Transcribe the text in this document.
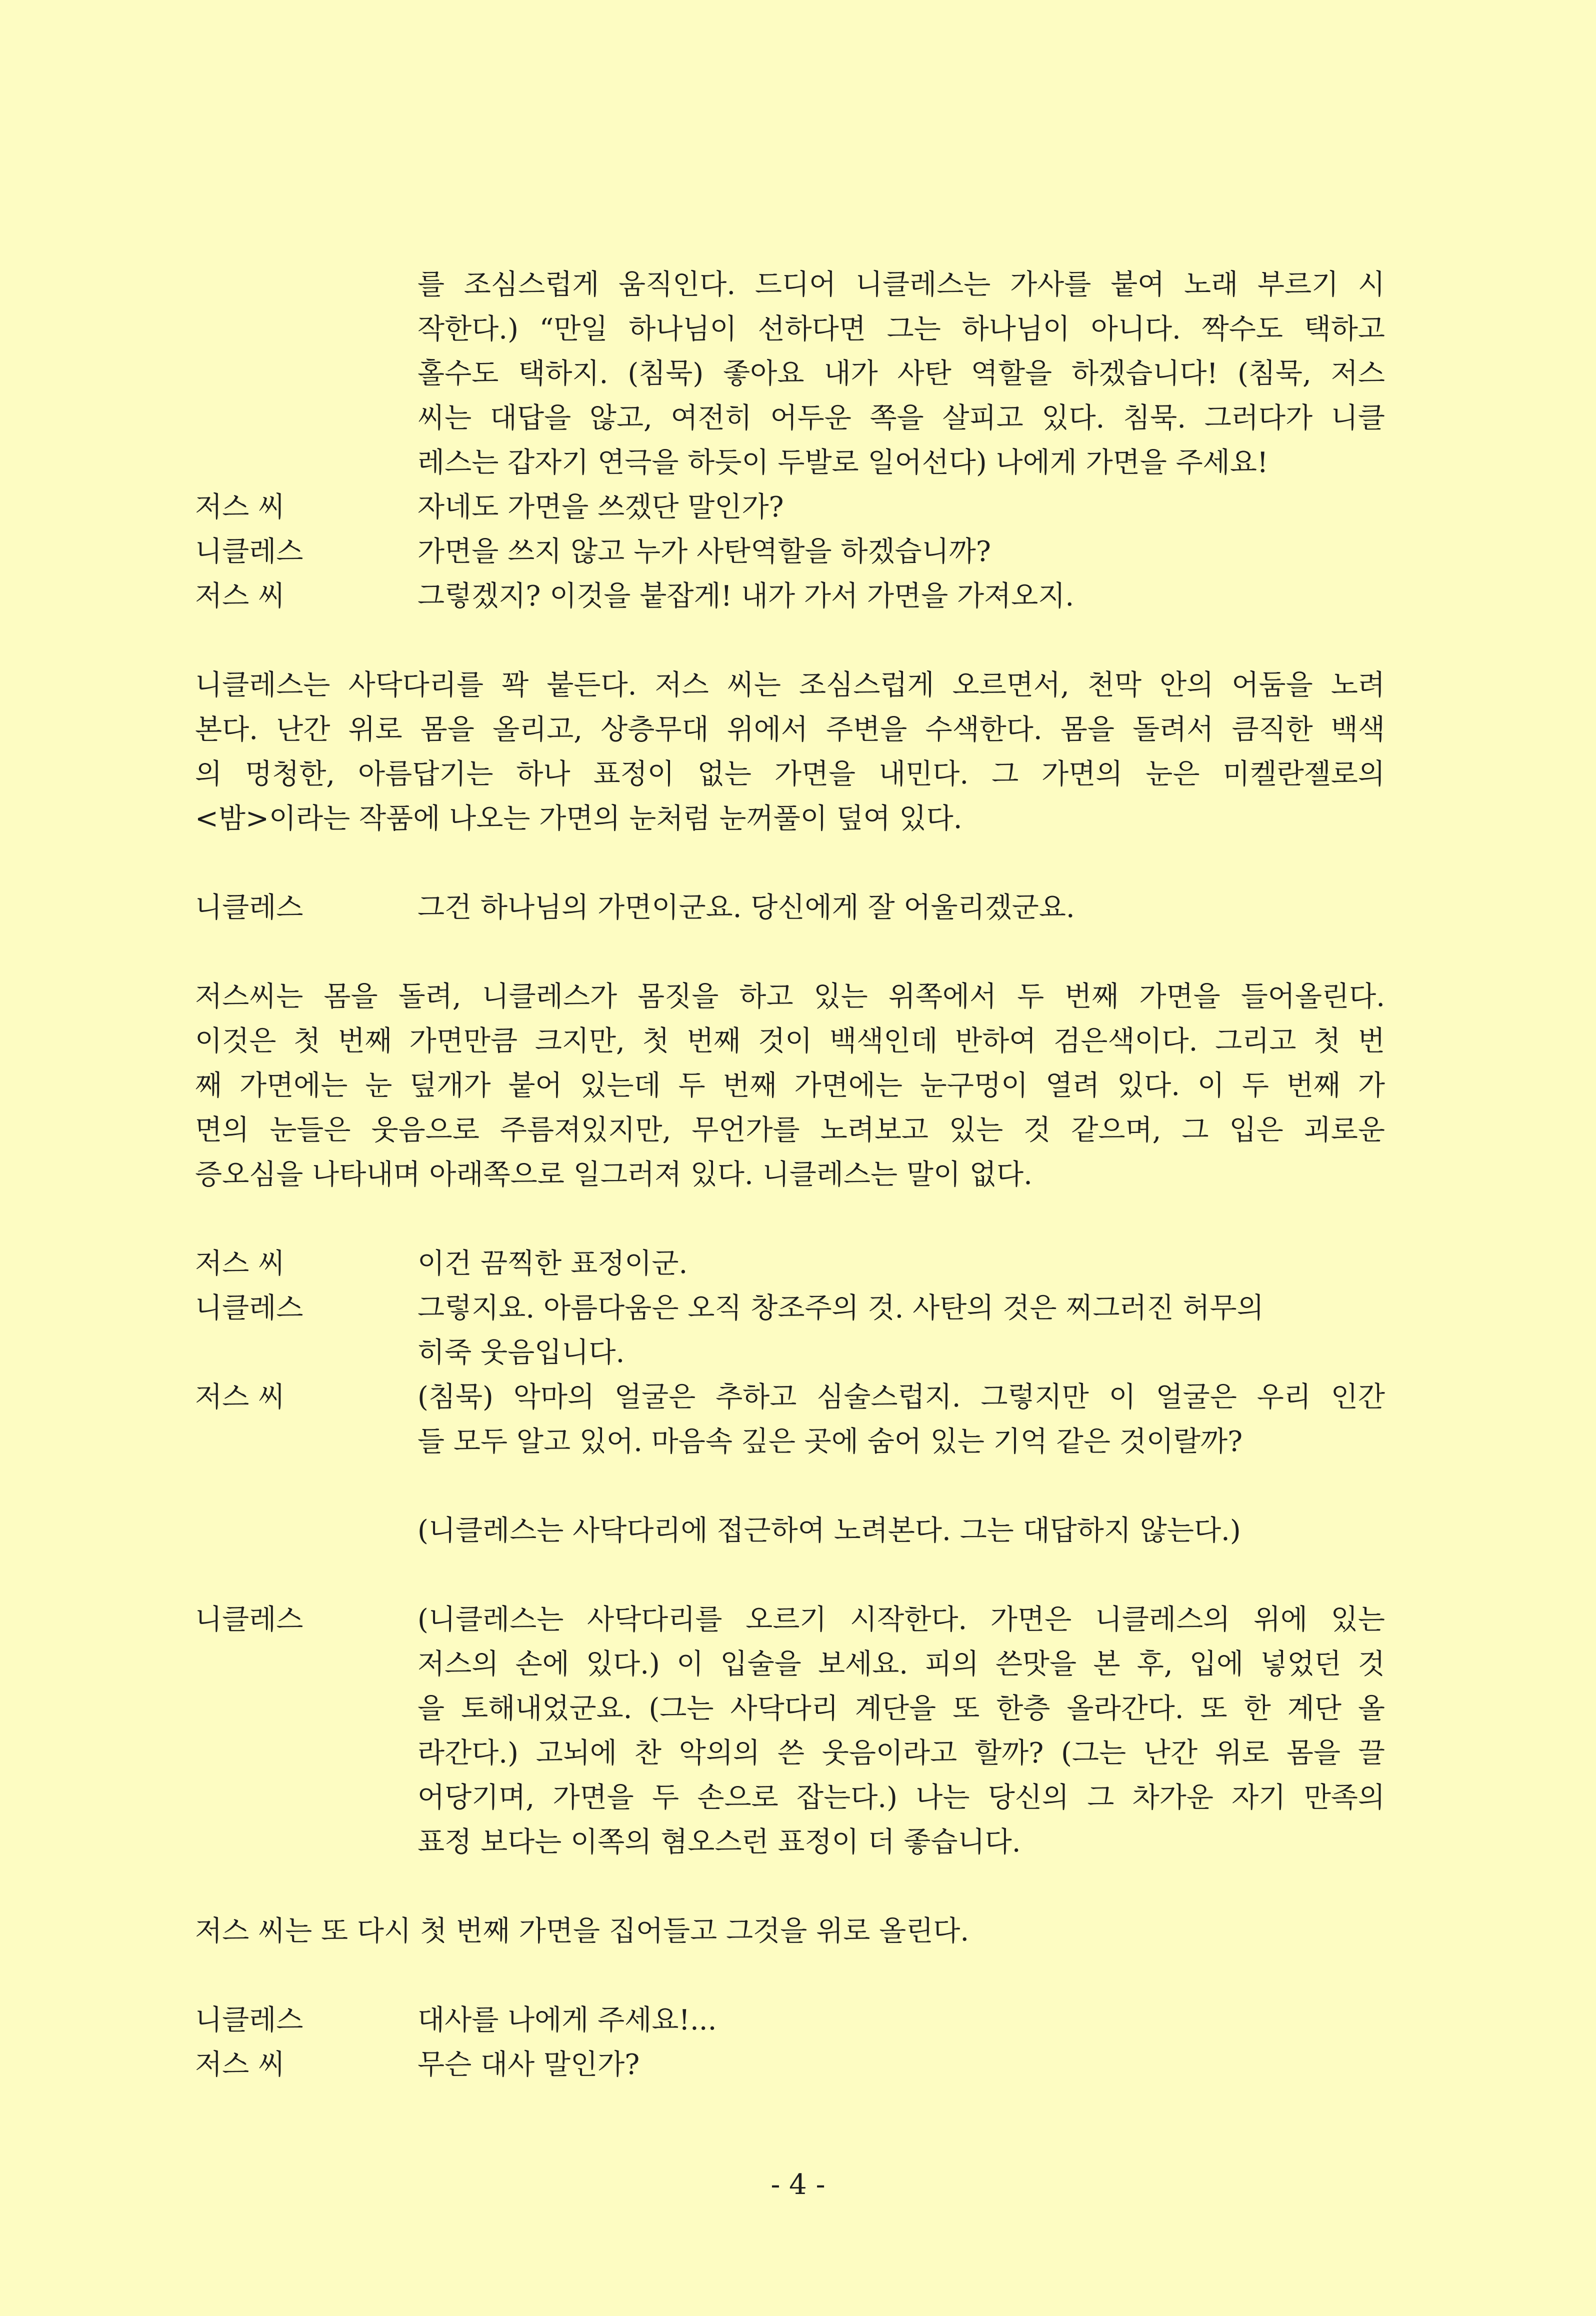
를 조심스럽게 움직인다. 드디어 니클레스는 가사를 붙여 노래 부르기 시
작한다.) “만일 하나님이 선하다면 그는 하나님이 아니다. 짝수도 택하고
홀수도 택하지. (침묵) 좋아요 내가 사탄 역할을 하겠습니다! (침묵, 저스
씨는 대답을 않고, 여전히 어두운 쪽을 살피고 있다. 침묵. 그러다가 니클
레스는 갑자기 연극을 하듯이 두발로 일어선다) 나에게 가면을 주세요!
저스 씨	자네도 가면을 쓰겠단 말인가?
니클레스	가면을 쓰지 않고 누가 사탄역할을 하겠습니까?
저스 씨	그렇겠지? 이것을 붙잡게! 내가 가서 가면을 가져오지.
니클레스는 사닥다리를 꽉 붙든다. 저스 씨는 조심스럽게 오르면서, 천막 안의 어둠을 노려
본다. 난간 위로 몸을 올리고, 상층무대 위에서 주변을 수색한다. 몸을 돌려서 큼직한 백색
의 멍청한, 아름답기는 하나 표정이 없는 가면을 내민다. 그 가면의 눈은 미켈란젤로의
<밤>이라는 작품에 나오는 가면의 눈처럼 눈꺼풀이 덮여 있다.
니클레스	그건 하나님의 가면이군요. 당신에게 잘 어울리겠군요.
저스씨는 몸을 돌려, 니클레스가 몸짓을 하고 있는 위쪽에서 두 번째 가면을 들어올린다.
이것은 첫 번째 가면만큼 크지만, 첫 번째 것이 백색인데 반하여 검은색이다. 그리고 첫 번
째 가면에는 눈 덮개가 붙어 있는데 두 번째 가면에는 눈구멍이 열려 있다. 이 두 번째 가
면의 눈들은 웃음으로 주름져있지만, 무언가를 노려보고 있는 것 같으며, 그 입은 괴로운
증오심을 나타내며 아래쪽으로 일그러져 있다. 니클레스는 말이 없다.
저스 씨	이건 끔찍한 표정이군.
니클레스	그렇지요. 아름다움은 오직 창조주의 것. 사탄의 것은 찌그러진 허무의
히죽 웃음입니다.
저스 씨	(침묵) 악마의 얼굴은 추하고 심술스럽지. 그렇지만 이 얼굴은 우리 인간
들 모두 알고 있어. 마음속 깊은 곳에 숨어 있는 기억 같은 것이랄까?
(니클레스는 사닥다리에 접근하여 노려본다. 그는 대답하지 않는다.)
니클레스	(니클레스는 사닥다리를 오르기 시작한다. 가면은 니클레스의 위에 있는
저스의 손에 있다.) 이 입술을 보세요. 피의 쓴맛을 본 후, 입에 넣었던 것
을 토해내었군요. (그는 사닥다리 계단을 또 한층 올라간다. 또 한 계단 올
라간다.) 고뇌에 찬 악의의 쓴 웃음이라고 할까? (그는 난간 위로 몸을 끌
어당기며, 가면을 두 손으로 잡는다.) 나는 당신의 그 차가운 자기 만족의
표정 보다는 이쪽의 혐오스런 표정이 더 좋습니다.
저스 씨는 또 다시 첫 번째 가면을 집어들고 그것을 위로 올린다.
니클레스	대사를 나에게 주세요!...
저스 씨	무슨 대사 말인가?
- 4 -
